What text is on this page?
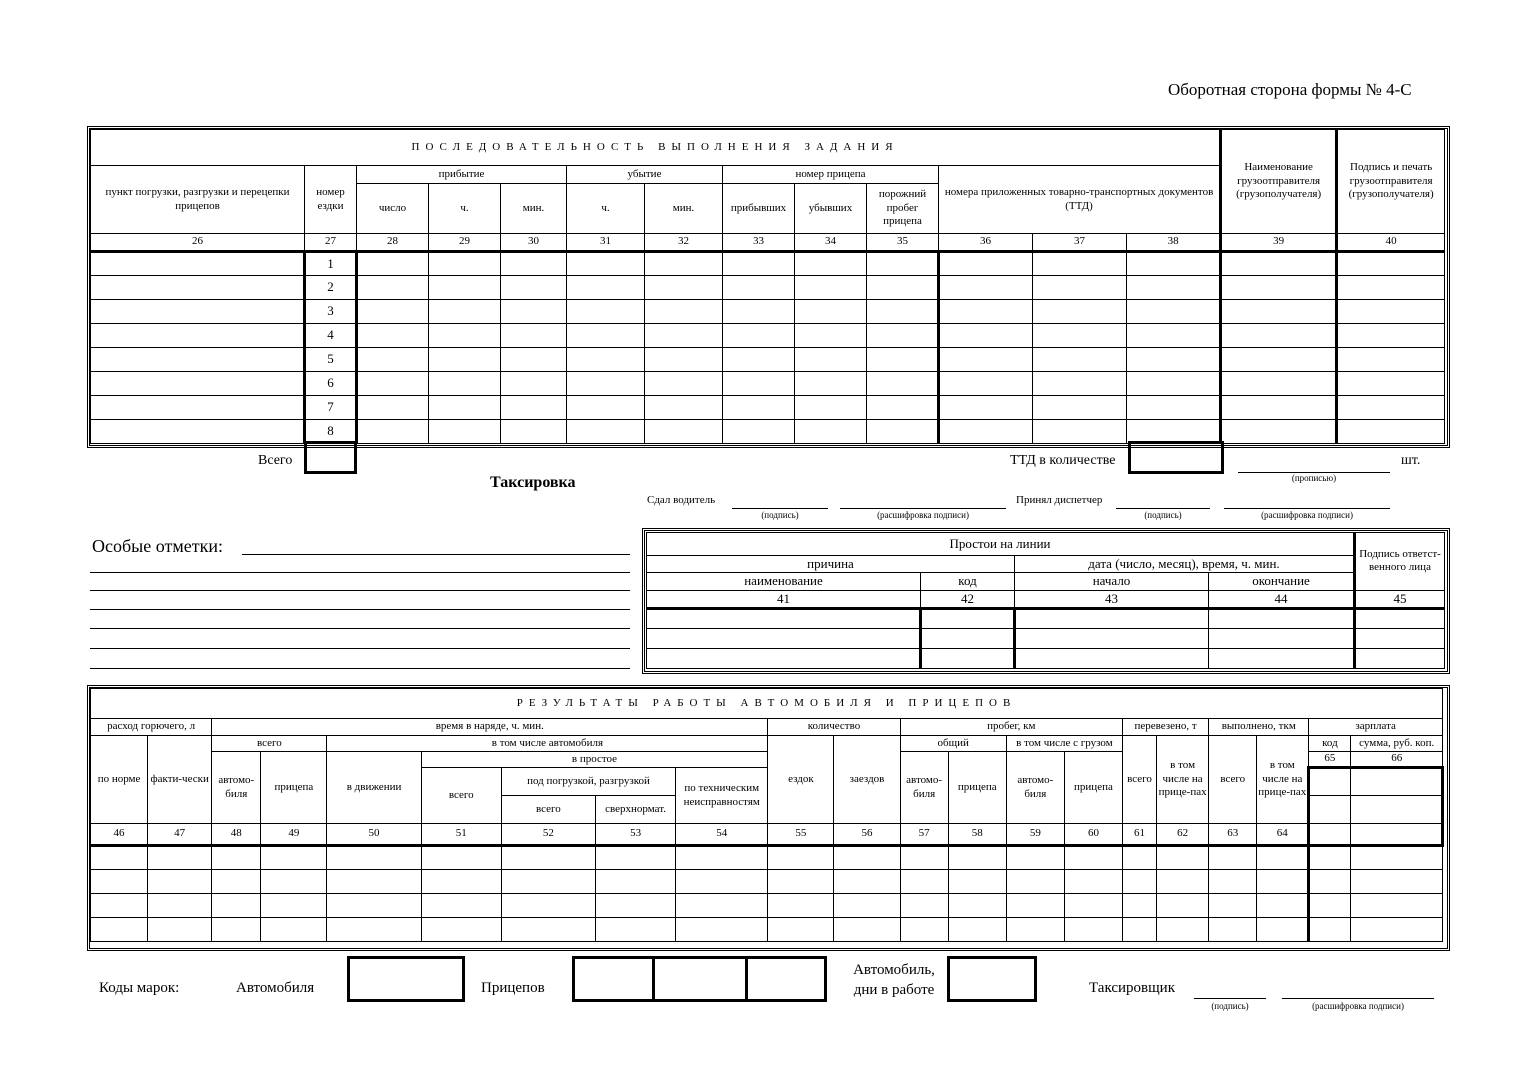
Оборотная сторона формы № 4-С
ПОСЛЕДОВАТЕЛЬНОСТЬ ВЫПОЛНЕНИЯ ЗАДАНИЯ													Наименование грузоотправителя (грузополучателя)	Подпись и печать грузоотправителя (грузополучателя)
пункт погрузки, разгрузки и перецепки прицепов	номер ездки	прибытие			убытие		номер прицепа			номера приложенных товарно-транспортных документов (ТТД)				
		число	ч.	мин.	ч.	мин.	прибывших	убывших	порожний пробег прицепа					
26	27	28	29	30	31	32	33	34	35	36	37	38	39	40
	1													
	2													
	3													
	4													
	5													
	6													
	7													
	8													
Всего	ТТД в количестве
(прописью)
шт.
Таксировка
Сдал водитель
(подпись)	(расшифровка подписи)
Принял диспетчер
(подпись)	(расшифровка подписи)
Особые отметки:	Простои на линии				Подпись ответст-венного лица
причина		дата (число, месяц), время, ч. мин.		
наименование	код	начало	окончание	
41	42	43	44	45

РЕЗУЛЬТАТЫ РАБОТЫ АВТОМОБИЛЯ И ПРИЦЕПОВ																				
расход горючего, л		время в наряде, ч. мин.							количество		пробег, км				перевезено, т		выполнено, ткм		зарплата	
по норме	факти-чески	всего		в том числе автомобиля					ездок	заездов	общий		в том числе с грузом		всего	в том числе на прице-пах	всего	в том числе на прице-пах	код	сумма, руб. коп.
		автомо-биля	прицепа	в движении	в простое						автомо-биля	прицепа	автомо-биля	прицепа					65	66
					всего	под погрузкой, разгрузкой		по техническим неисправностям												
						всего	сверхнормат.													
46	47	48	49	50	51	52	53	54	55	56	57	58	59	60	61	62	63	64		

Коды марок:	Автомобиля	Прицепов
Автомобиль, дни в работе	Таксировщик
(подпись)	(расшифровка подписи)
